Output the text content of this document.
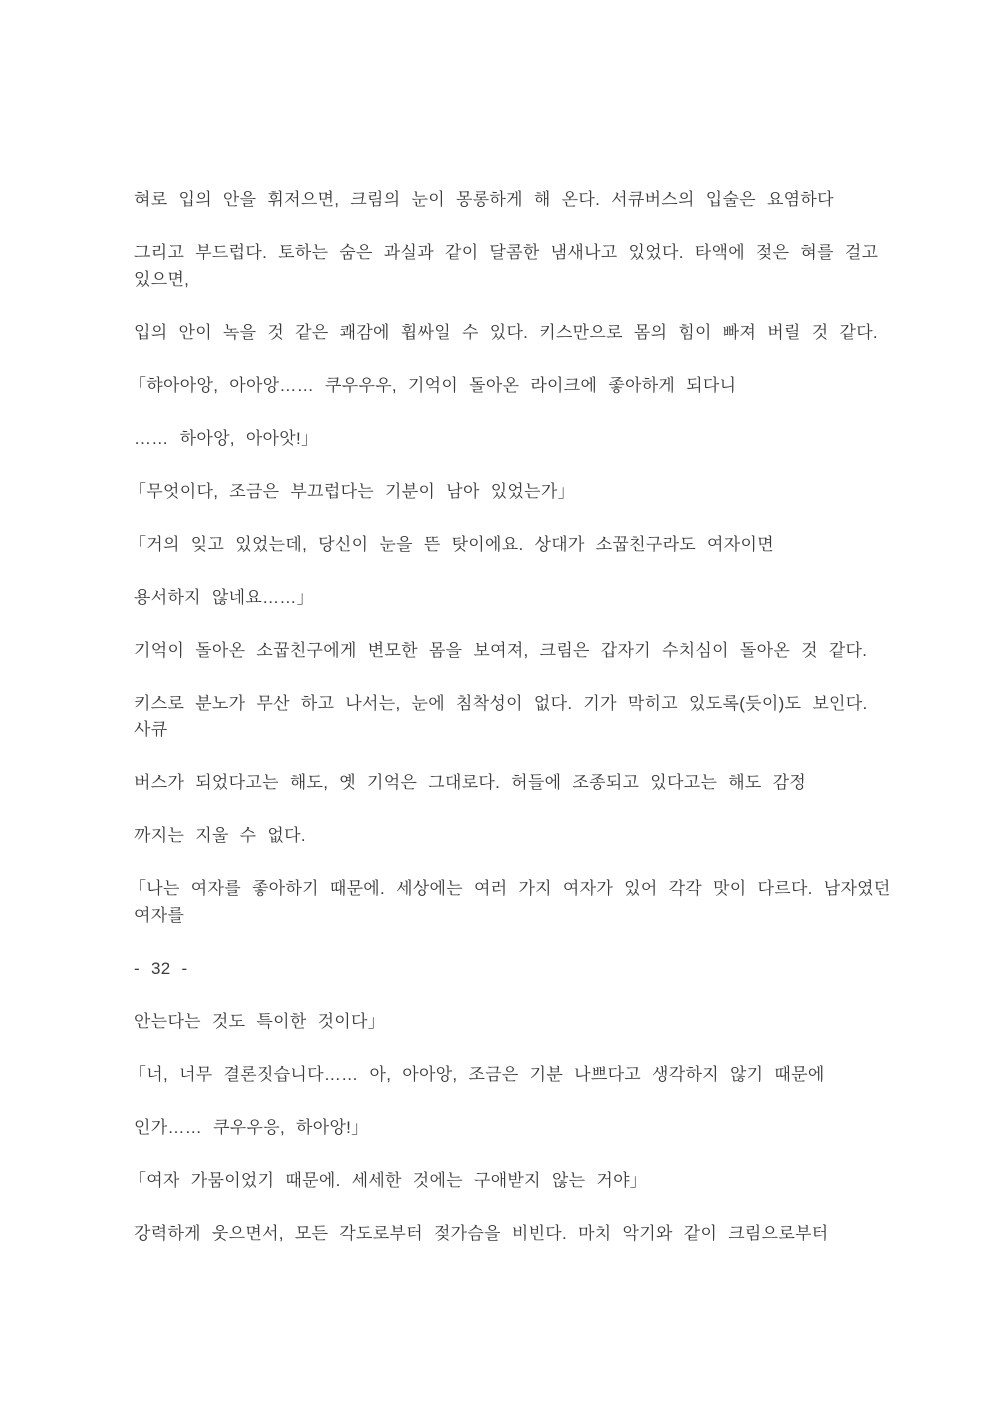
혀로 입의 안을 휘저으면, 크림의 눈이 몽롱하게 해 온다. 서큐버스의 입술은 요염하다
그리고 부드럽다. 토하는 숨은 과실과 같이 달콤한 냄새나고 있었다. 타액에 젖은 혀를 걸고
있으면,
입의 안이 녹을 것 같은 쾌감에 휩싸일 수 있다. 키스만으로 몸의 힘이 빠져 버릴 것 같다.
「햐아아앙, 아아앙…… 쿠우우우, 기억이 돌아온 라이크에 좋아하게 되다니
…… 하아앙, 아아앗!」
「무엇이다, 조금은 부끄럽다는 기분이 남아 있었는가」
「거의 잊고 있었는데, 당신이 눈을 뜬 탓이에요. 상대가 소꿉친구라도 여자이면
용서하지 않네요……」
기억이 돌아온 소꿉친구에게 변모한 몸을 보여져, 크림은 갑자기 수치심이 돌아온 것 같다.
키스로 분노가 무산 하고 나서는, 눈에 침착성이 없다. 기가 막히고 있도록(듯이)도 보인다.
사큐
버스가 되었다고는 해도, 옛 기억은 그대로다. 허들에 조종되고 있다고는 해도 감정
까지는 지울 수 없다.
「나는 여자를 좋아하기 때문에. 세상에는 여러 가지 여자가 있어 각각 맛이 다르다. 남자였던
여자를
- 32 -
안는다는 것도 특이한 것이다」
「너, 너무 결론짓습니다…… 아, 아아앙, 조금은 기분 나쁘다고 생각하지 않기 때문에
인가…… 쿠우우응, 하아앙!」
「여자 가뭄이었기 때문에. 세세한 것에는 구애받지 않는 거야」
강력하게 웃으면서, 모든 각도로부터 젖가슴을 비빈다. 마치 악기와 같이 크림으로부터
